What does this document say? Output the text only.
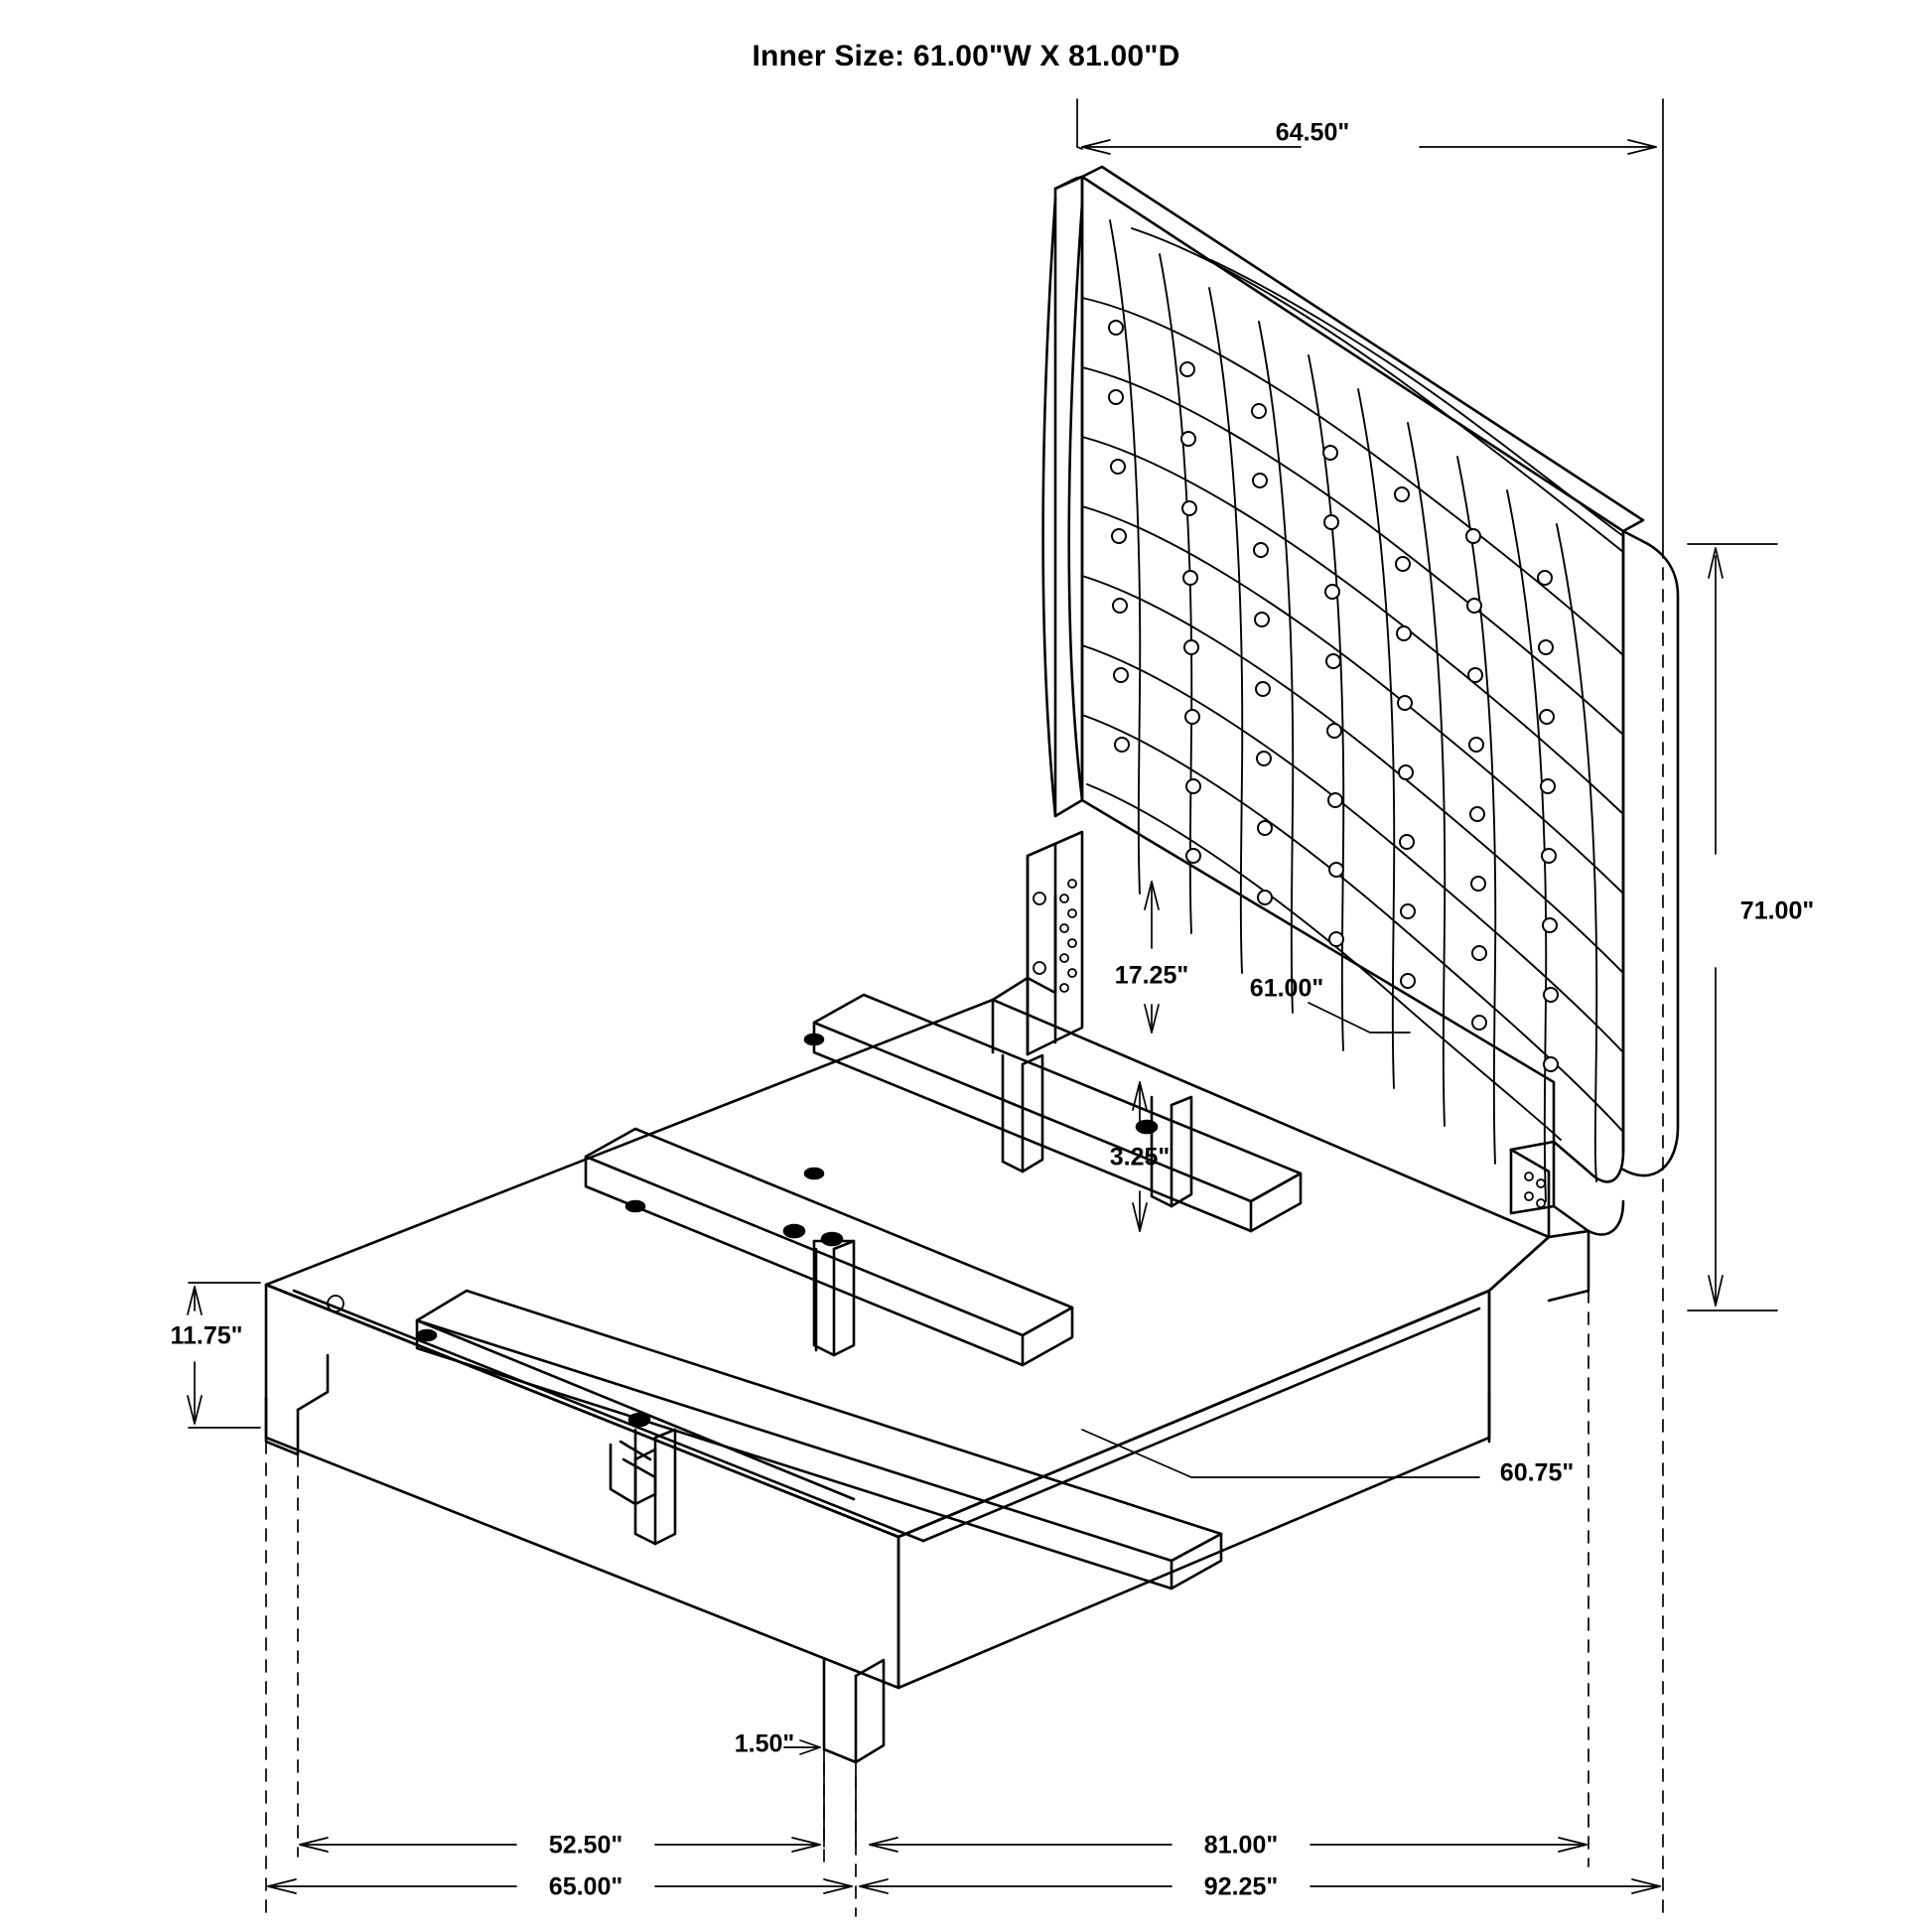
Inner Size: 61.00"W X 81.00"D
64.50"
71.00"
17.25" 61.00"
3.25"
11.75"
60.75"
1.50"
52.50"	81.00"
65.00"	92.25"
